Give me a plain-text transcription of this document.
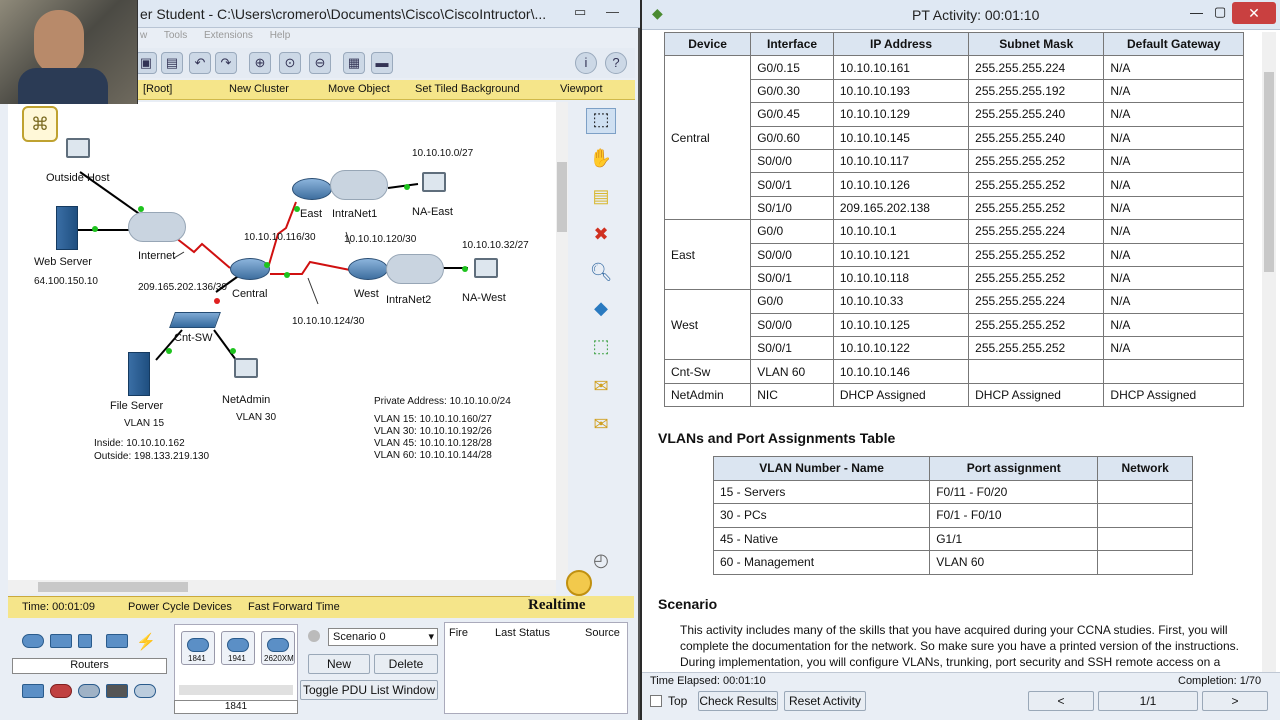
er Student - C:\Users\cromero\Documents\Cisco\CiscoIntructor\... ▭ —
w Tools Extensions Help
▣	▤	↶	↷	⊕	⊙	⊖	▦	▬	i	?
[Root]	New Cluster	Move Object Set Tiled Background	Viewport
Outside Host
Web Server
64.100.150.10
Internet
209.165.202.136/30
Central
East IntraNet1	NA-East
10.10.10.0/27
West IntraNet2	NA-West
10.10.10.32/27
10.10.10.116/30	10.10.10.120/30
10.10.10.124/30
Cnt-SW
File Server
VLAN 15
NetAdmin
VLAN 30
Inside: 10.10.10.162
Outside: 198.133.219.130
Private Address: 10.10.10.0/24
VLAN 15: 10.10.10.160/27
VLAN 30: 10.10.10.192/26
VLAN 45: 10.10.10.128/28
VLAN 60: 10.10.10.144/28
⌘	⬚
✋
▤
✖
🔍︎
◆
⬚
✉
✉
◴
Time: 00:01:09	Power Cycle Devices Fast Forward Time	Realtime
⚡
Routers
1841	1941 2620XM
1841
Scenario 0	▾
New	Delete
Toggle PDU List Window
Fire Last Status	Source
◆	PT Activity: 00:01:10	— ▢	✕
Device	Interface	IP Address	Subnet Mask	Default Gateway
Central	G0/0.15	10.10.10.161	255.255.255.224	N/A
	G0/0.30	10.10.10.193	255.255.255.192	N/A
	G0/0.45	10.10.10.129	255.255.255.240	N/A
	G0/0.60	10.10.10.145	255.255.255.240	N/A
	S0/0/0	10.10.10.117	255.255.255.252	N/A
	S0/0/1	10.10.10.126	255.255.255.252	N/A
	S0/1/0	209.165.202.138	255.255.255.252	N/A
East	G0/0	10.10.10.1	255.255.255.224	N/A
	S0/0/0	10.10.10.121	255.255.255.252	N/A
	S0/0/1	10.10.10.118	255.255.255.252	N/A
West	G0/0	10.10.10.33	255.255.255.224	N/A
	S0/0/0	10.10.10.125	255.255.255.252	N/A
	S0/0/1	10.10.10.122	255.255.255.252	N/A
Cnt-Sw	VLAN 60	10.10.10.146		
NetAdmin	NIC	DHCP Assigned	DHCP Assigned	DHCP Assigned
VLANs and Port Assignments Table
VLAN Number - Name	Port assignment	Network
15 - Servers	F0/11 - F0/20	
30 - PCs	F0/1 - F0/10	
45 - Native	G1/1	
60 - Management	VLAN 60	
Scenario
This activity includes many of the skills that you have acquired during your CCNA studies. First, you will complete the documentation for the network. So make sure you have a printed version of the instructions. During implementation, you will configure VLANs, trunking, port security and SSH remote access on a
Time Elapsed: 00:01:10	Completion: 1/70
Top Check Results	Reset Activity	<	1/1	>
